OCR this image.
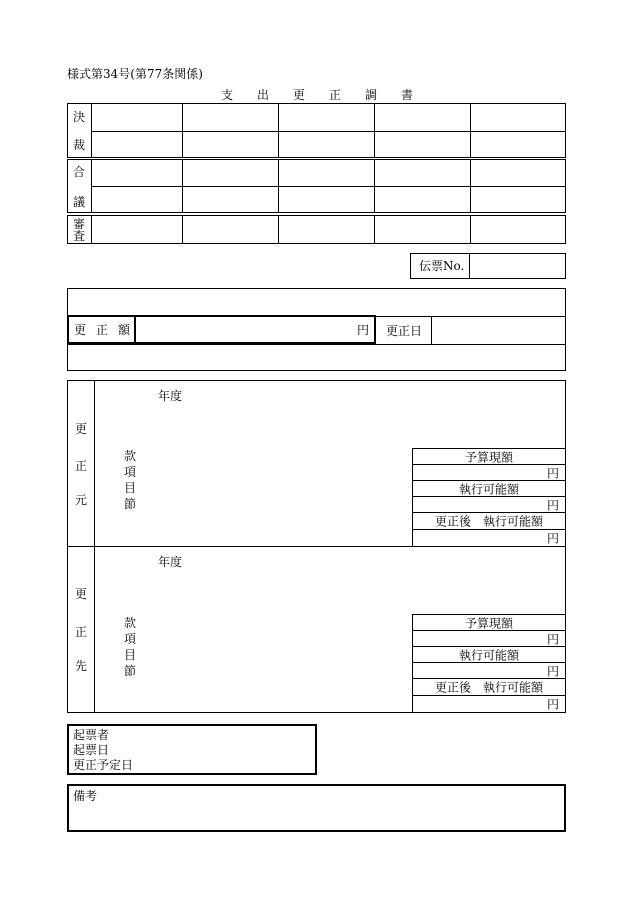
様式第34号(第77条関係)
支 出 更 正 調 書
決
裁
合
議
審
査
伝票No.
更正日
更 正 額	円
更
正
元
年度
款
項
目
節
予算現額
円
執行可能額
円
更正後　執行可能額
円
更
正
先
年度
款
項
目
節
予算現額
円
執行可能額
円
更正後　執行可能額
円
起票者
起票日
更正予定日
備考
